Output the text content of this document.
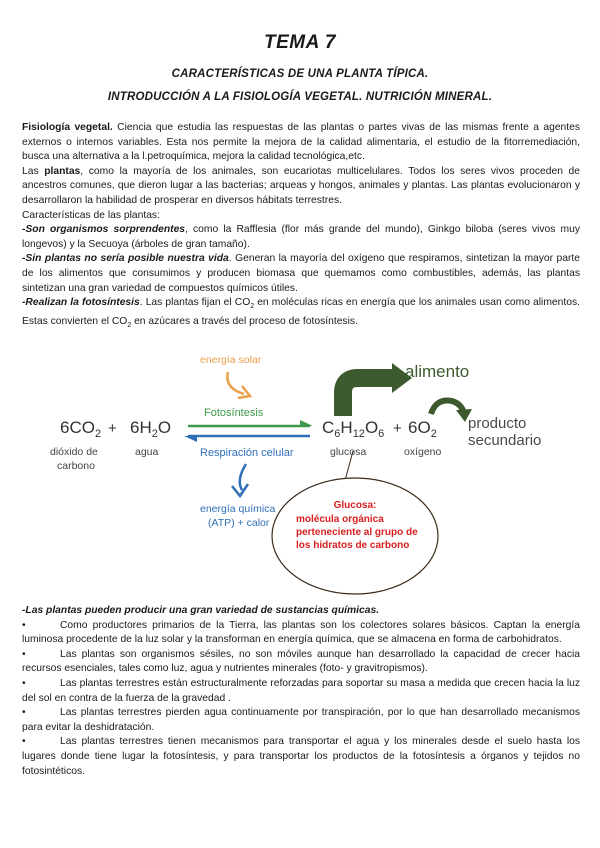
TEMA 7
CARACTERÍSTICAS DE UNA PLANTA TÍPICA.
INTRODUCCIÓN A LA FISIOLOGÍA VEGETAL. NUTRICIÓN MINERAL.

Fisiología vegetal. Ciencia que estudia las respuestas de las plantas o partes vivas de las mismas frente a agentes externos o internos variables. Esta nos permite la mejora de la calidad alimentaria, el estudio de la fitorremediación, busca una alternativa a la l.petroquímica, mejora la calidad tecnológica,etc.

Las plantas, como la mayoría de los animales, son eucariotas multicelulares. Todos los seres vivos proceden de ancestros comunes, que dieron lugar a las bacterias; arqueas y hongos, animales y plantas. Las plantas evolucionaron y desarrollaron la habilidad de prosperar en diversos hábitats terrestres.

Características de las plantas:

-Son organismos sorprendentes, como la Rafflesia (flor más grande del mundo), Ginkgo biloba (seres vivos muy longevos) y la Secuoya (árboles de gran tamaño).

-Sin plantas no sería posible nuestra vida. Generan la mayoría del oxígeno que respiramos, sintetizan la mayor parte de los alimentos que consumimos y producen biomasa que quemamos como combustibles, además, las plantas sintetizan una gran variedad de compuestos químicos útiles.

-Realizan la fotosíntesis. Las plantas fijan el $CO_2$ en moléculas ricas en energía que los animales usan como alimentos. Estas convierten el $CO_2$ en azúcares a través del proceso de fotosíntesis.

energía solar
alimento
producto
secundario
$6CO_2 + 6H_2O$
Fotosíntesis
Respiración celular
$C_6H_{12}O_6 + 6O_2$
dióxido de
carbono
agua	glucosa	oxígeno
energía química
(ATP) + calor
Glucosa:
molécula orgánica
perteneciente al grupo de
los hidratos de carbono

-Las plantas pueden producir una gran variedad de sustancias químicas.

•	Como productores primarios de la Tierra, las plantas son los colectores solares básicos. Captan la energía luminosa procedente de la luz solar y la transforman en energía química, que se almacena en forma de carbohidratos.

•	Las plantas son organismos sésiles, no son móviles aunque han desarrollado la capacidad de crecer hacia recursos esenciales, tales como luz, agua y nutrientes minerales (foto- y gravitropismos).

•	Las plantas terrestres están estructuralmente reforzadas para soportar su masa a medida que crecen hacia la luz del sol en contra de la fuerza de la gravedad .

•	Las plantas terrestres pierden agua continuamente por transpiración, por lo que han desarrollado mecanismos para evitar la deshidratación.

•	Las plantas terrestres tienen mecanismos para transportar el agua y los minerales desde el suelo hasta los lugares donde tiene lugar la fotosíntesis, y para transportar los productos de la fotosíntesis a órganos y tejidos no fotosintéticos.
